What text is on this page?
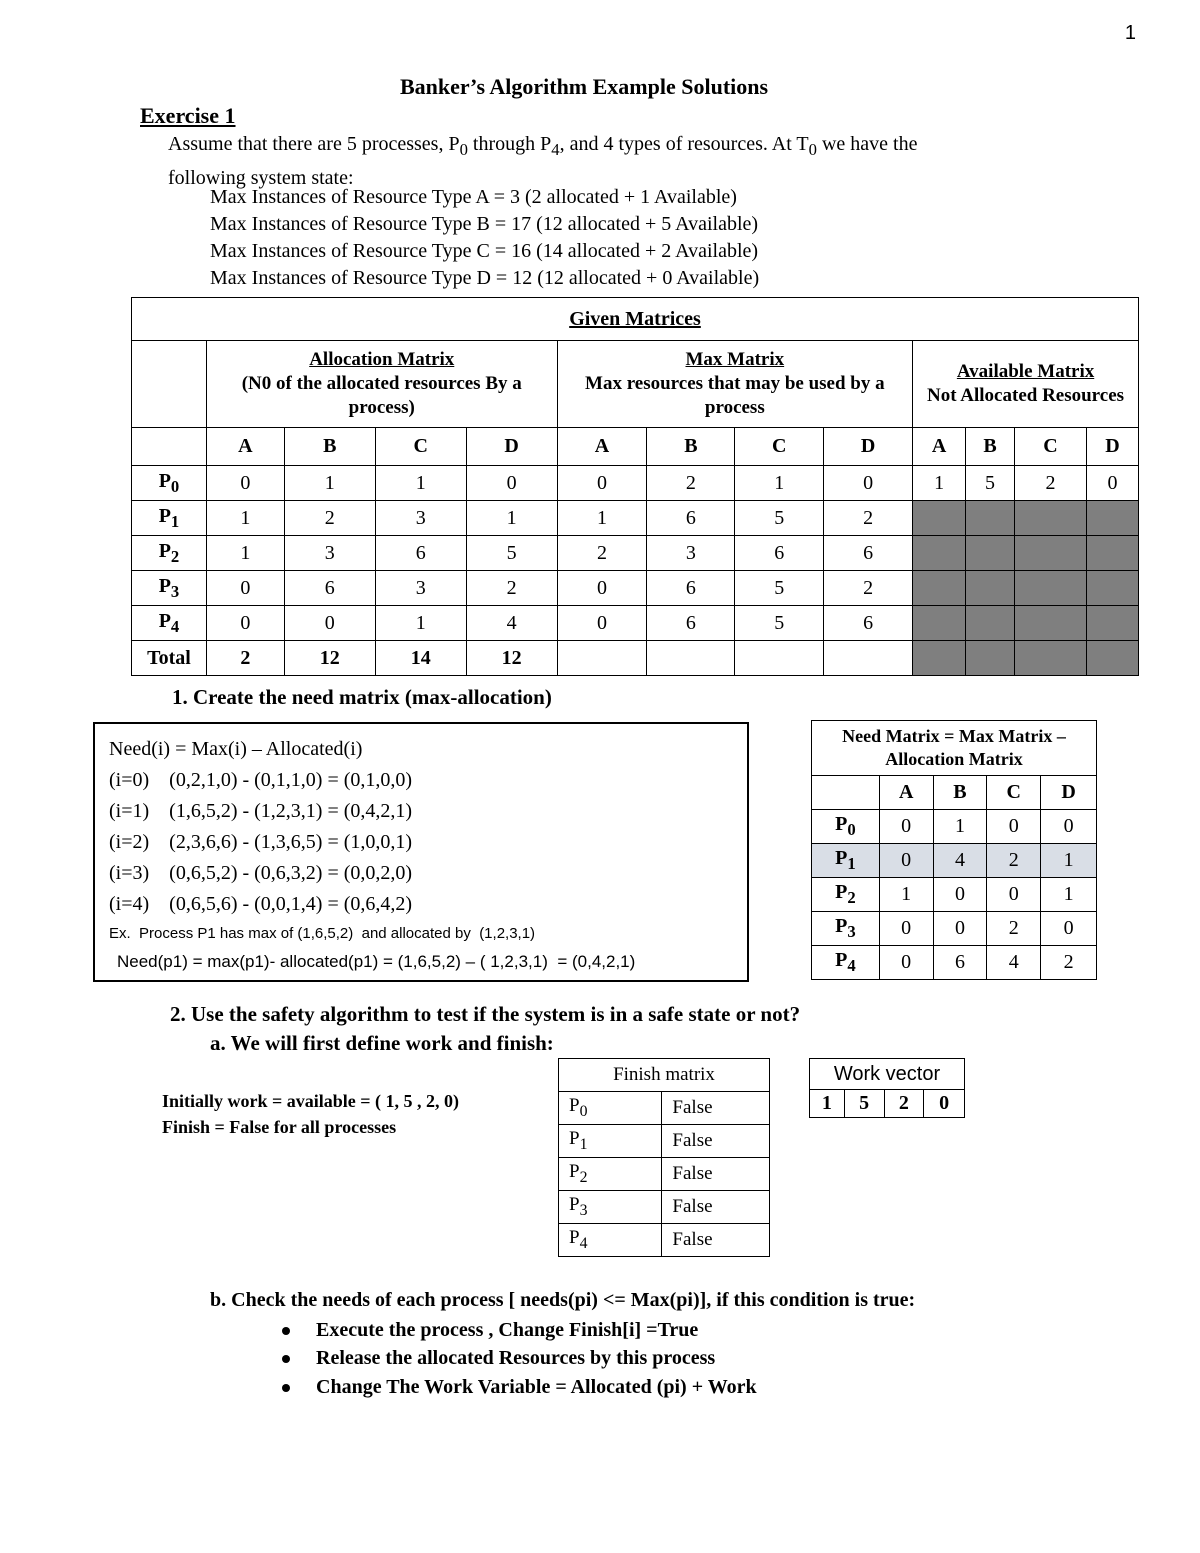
1
Banker’s Algorithm Example Solutions
Exercise 1
Assume that there are 5 processes, $P_0$ through $P_4$, and 4 types of resources. At $T_0$ we have the
following system state:
Max Instances of Resource Type A = 3 (2 allocated + 1 Available)
Max Instances of Resource Type B = 17 (12 allocated + 5 Available)
Max Instances of Resource Type C = 16 (14 allocated + 2 Available)
Max Instances of Resource Type D = 12 (12 allocated + 0 Available)
Given Matrices												
	Allocation Matrix
(N0 of the allocated resources By a process)				Max Matrix
Max resources that may be used by a process				Available Matrix
Not Allocated Resources			
	A	B	C	D	A	B	C	D	A	B	C	D
$P_0$	0	1	1	0	0	2	1	0	1	5	2	0
$P_1$	1	2	3	1	1	6	5	2				
$P_2$	1	3	6	5	2	3	6	6				
$P_3$	0	6	3	2	0	6	5	2				
$P_4$	0	0	1	4	0	6	5	6				
Total	2	12	14	12								
1. Create the need matrix (max-allocation)
Need(i) = Max(i) – Allocated(i)
(i=0)    (0,2,1,0) - (0,1,1,0) = (0,1,0,0)
(i=1)    (1,6,5,2) - (1,2,3,1) = (0,4,2,1)
(i=2)    (2,3,6,6) - (1,3,6,5) = (1,0,0,1)
(i=3)    (0,6,5,2) - (0,6,3,2) = (0,0,2,0)
(i=4)    (0,6,5,6) - (0,0,1,4) = (0,6,4,2)
Ex.  Process P1 has max of (1,6,5,2)  and allocated by  (1,2,3,1)
Need(p1) = max(p1)- allocated(p1) = (1,6,5,2) – ( 1,2,3,1)  = (0,4,2,1)
Need Matrix = Max Matrix – Allocation Matrix				
	A	B	C	D
$P_0$	0	1	0	0
$P_1$	0	4	2	1
$P_2$	1	0	0	1
$P_3$	0	0	2	0
$P_4$	0	6	4	2
2. Use the safety algorithm to test if the system is in a safe state or not?
a. We will first define work and finish:
Initially work = available = ( 1, 5 , 2, 0)
Finish = False for all processes
Finish matrix	
$P_0$	False
$P_1$	False
$P_2$	False
$P_3$	False
$P_4$	False
Work vector
1	5	2	0
b. Check the needs of each process [ needs(pi) <= Max(pi)], if this condition is true:
Execute the process , Change Finish[i] =True
Release the allocated Resources by this process
Change The Work Variable = Allocated (pi) + Work
